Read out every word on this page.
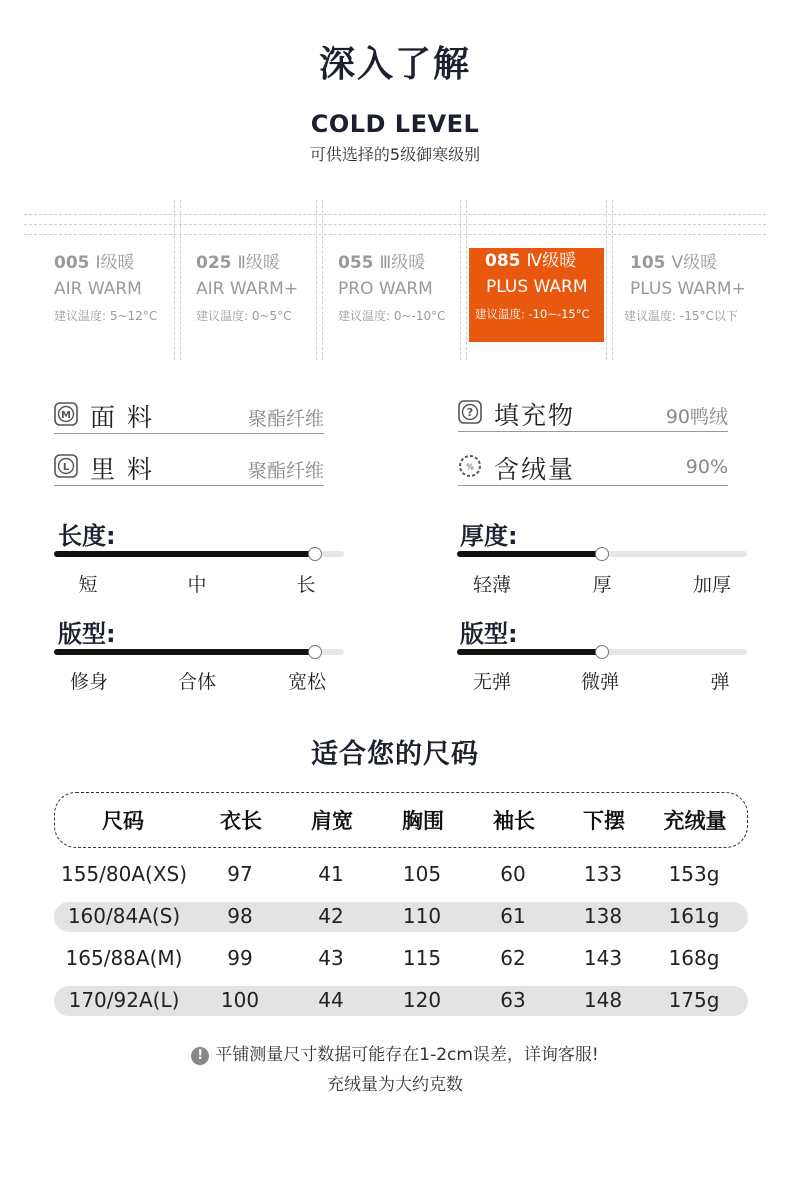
深入了解
COLD LEVEL
可供选择的5级御寒级别
005 Ⅰ级暖
AIR WARM
建议温度: 5~12°C
025 Ⅱ级暖
AIR WARM+
建议温度: 0~5°C
055 Ⅲ级暖
PRO WARM
建议温度: 0~-10°C
085 Ⅳ级暖
PLUS WARM
建议温度: -10~-15°C
105 Ⅴ级暖
PLUS WARM+
建议温度: -15°C以下
M 面 料	聚酯纤维	? 填充物	90鸭绒
L 里 料	聚酯纤维	% 含绒量	90%
长度:
短	中	长
厚度:
轻薄	厚	加厚
版型:
修身	合体	宽松
版型:
无弹	微弹	弹
适合您的尺码
尺码	衣长 肩宽 胸围 袖长 下摆 充绒量
155/80A(XS) 97	41	105	60	133 153g
160/84A(S) 98	42	110	61	138 161g
165/88A(M) 99	43	115	62	143 168g
170/92A(L) 100	44	120	63	148 175g
! 平铺测量尺寸数据可能存在1-2cm误差，详询客服!
充绒量为大约克数
